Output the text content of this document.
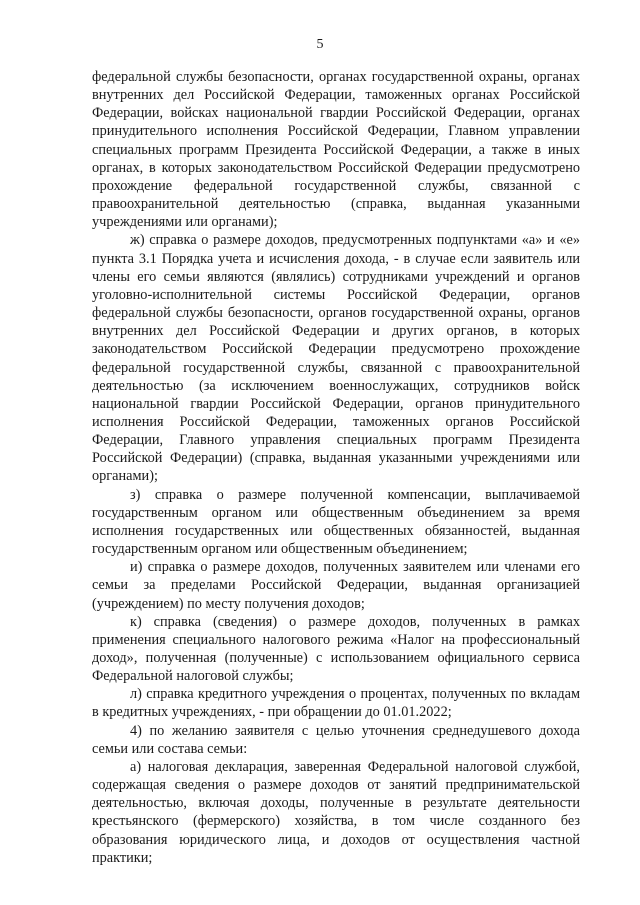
5

федеральной службы безопасности, органах государственной охраны, органах внутренних дел Российской Федерации, таможенных органах Российской Федерации, войсках национальной гвардии Российской Федерации, органах принудительного исполнения Российской Федерации, Главном управлении специальных программ Президента Российской Федерации, а также в иных органах, в которых законодательством Российской Федерации предусмотрено прохождение федеральной государственной службы, связанной с правоохранительной деятельностью (справка, выданная указанными учреждениями или органами);

ж) справка о размере доходов, предусмотренных подпунктами «а» и «е» пункта 3.1 Порядка учета и исчисления дохода, - в случае если заявитель или члены его семьи являются (являлись) сотрудниками учреждений и органов уголовно-исполнительной системы Российской Федерации, органов федеральной службы безопасности, органов государственной охраны, органов внутренних дел Российской Федерации и других органов, в которых законодательством Российской Федерации предусмотрено прохождение федеральной государственной службы, связанной с правоохранительной деятельностью (за исключением военнослужащих, сотрудников войск национальной гвардии Российской Федерации, органов принудительного исполнения Российской Федерации, таможенных органов Российской Федерации, Главного управления специальных программ Президента Российской Федерации) (справка, выданная указанными учреждениями или органами);

з) справка о размере полученной компенсации, выплачиваемой государственным органом или общественным объединением за время исполнения государственных или общественных обязанностей, выданная государственным органом или общественным объединением;

и) справка о размере доходов, полученных заявителем или членами его семьи за пределами Российской Федерации, выданная организацией (учреждением) по месту получения доходов;

к) справка (сведения) о размере доходов, полученных в рамках применения специального налогового режима «Налог на профессиональный доход», полученная (полученные) с использованием официального сервиса Федеральной налоговой службы;

л) справка кредитного учреждения о процентах, полученных по вкладам в кредитных учреждениях, - при обращении до 01.01.2022;

4) по желанию заявителя с целью уточнения среднедушевого дохода семьи или состава семьи:

а) налоговая декларация, заверенная Федеральной налоговой службой, содержащая сведения о размере доходов от занятий предпринимательской деятельностью, включая доходы, полученные в результате деятельности крестьянского (фермерского) хозяйства, в том числе созданного без образования юридического лица, и доходов от осуществления частной практики;
